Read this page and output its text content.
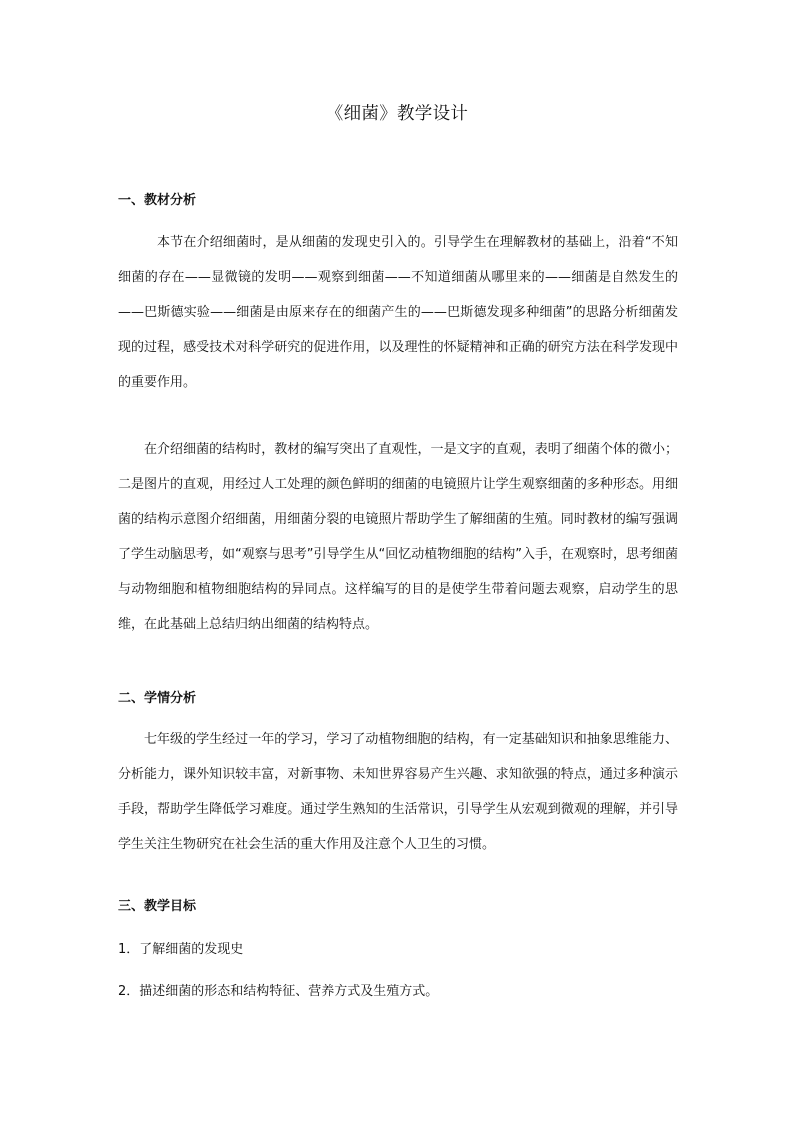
《细菌》教学设计
一、教材分析
本节在介绍细菌时，是从细菌的发现史引入的。引导学生在理解教材的基础上，沿着“不知细菌的存在——显微镜的发明——观察到细菌——不知道细菌从哪里来的——细菌是自然发生的——巴斯德实验——细菌是由原来存在的细菌产生的——巴斯德发现多种细菌”的思路分析细菌发现的过程，感受技术对科学研究的促进作用，以及理性的怀疑精神和正确的研究方法在科学发现中的重要作用。
在介绍细菌的结构时，教材的编写突出了直观性，一是文字的直观，表明了细菌个体的微小；二是图片的直观，用经过人工处理的颜色鲜明的细菌的电镜照片让学生观察细菌的多种形态。用细菌的结构示意图介绍细菌，用细菌分裂的电镜照片帮助学生了解细菌的生殖。同时教材的编写强调了学生动脑思考，如“观察与思考”引导学生从“回忆动植物细胞的结构”入手，在观察时，思考细菌与动物细胞和植物细胞结构的异同点。这样编写的目的是使学生带着问题去观察，启动学生的思维，在此基础上总结归纳出细菌的结构特点。
二、学情分析
七年级的学生经过一年的学习，学习了动植物细胞的结构，有一定基础知识和抽象思维能力、分析能力，课外知识较丰富，对新事物、未知世界容易产生兴趣、求知欲强的特点，通过多种演示手段，帮助学生降低学习难度。通过学生熟知的生活常识，引导学生从宏观到微观的理解，并引导学生关注生物研究在社会生活的重大作用及注意个人卫生的习惯。
三、教学目标
1．了解细菌的发现史
2．描述细菌的形态和结构特征、营养方式及生殖方式。
